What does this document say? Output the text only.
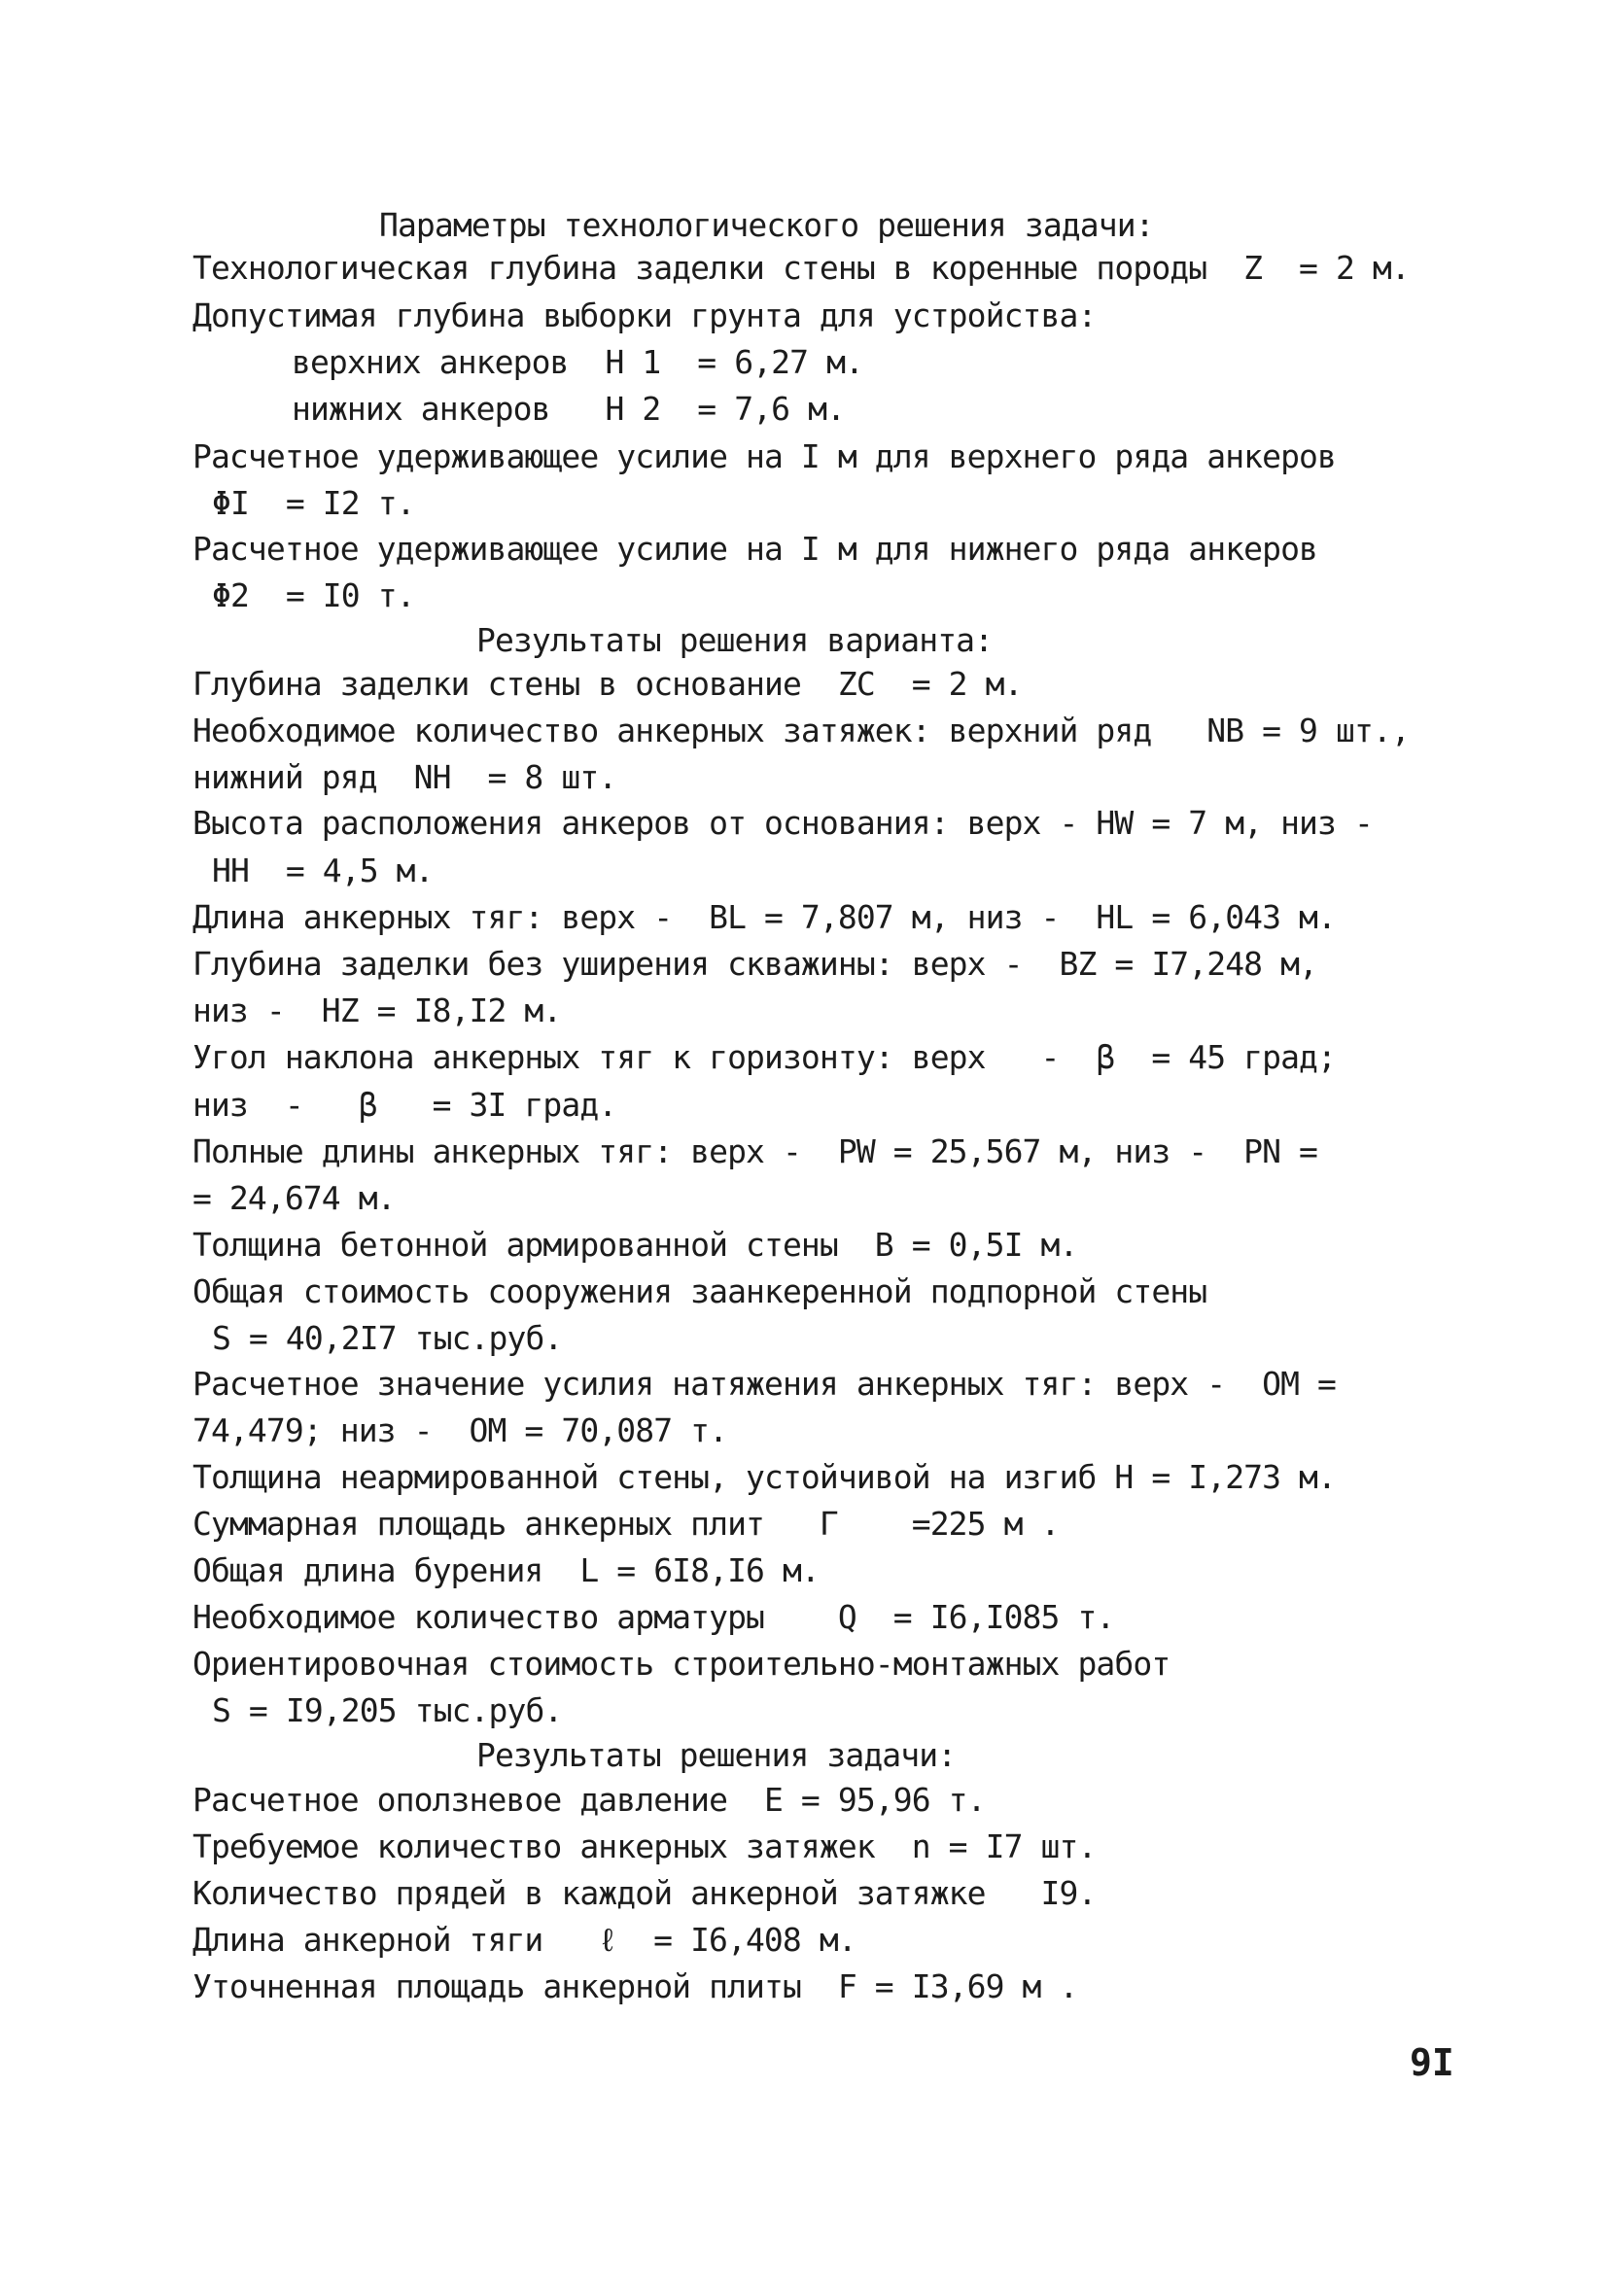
Параметры технологического решения задачи:
Технологическая глубина заделки стены в коренные породы  Z  = 2 м.
Допустимая глубина выборки грунта для устройства:
верхних анкеров  H 1  = 6,27 м.
нижних анкеров   H 2  = 7,6 м.
Расчетное удерживающее усилие на I м для верхнего ряда анкеров
ΦI  = I2 т.
Расчетное удерживающее усилие на I м для нижнего ряда анкеров
Φ2  = I0 т.
Результаты решения варианта:
Глубина заделки стены в основание  ZC  = 2 м.
Необходимое количество анкерных затяжек: верхний ряд   NB = 9 шт.,
нижний ряд  NH  = 8 шт.
Высота расположения анкеров от основания: верх - HW = 7 м, низ -
HH  = 4,5 м.
Длина анкерных тяг: верх -  BL = 7,807 м, низ -  HL = 6,043 м.
Глубина заделки без уширения скважины: верх -  BZ = I7,248 м,
низ -  HZ = I8,I2 м.
Угол наклона анкерных тяг к горизонту: верх   -  β  = 45 град;
низ  -   β   = 3I град.
Полные длины анкерных тяг: верх -  PW = 25,567 м, низ -  PN =
= 24,674 м.
Толщина бетонной армированной стены  B = 0,5I м.
Общая стоимость сооружения заанкеренной подпорной стены
S = 40,2I7 тыс.руб.
Расчетное значение усилия натяжения анкерных тяг: верх -  OM =
74,479; низ -  OM = 70,087 т.
Толщина неармированной стены, устойчивой на изгиб H = I,273 м.
Суммарная площадь анкерных плит   Г    =225 м .
Общая длина бурения  L = 6I8,I6 м.
Необходимое количество арматуры    Q  = I6,I085 т.
Ориентировочная стоимость строительно-монтажных работ
S = I9,205 тыс.руб.
Результаты решения задачи:
Расчетное оползневое давление  E = 95,96 т.
Требуемое количество анкерных затяжек  n = I7 шт.
Количество прядей в каждой анкерной затяжке   I9.
Длина анкерной тяги   ℓ  = I6,408 м.
Уточненная площадь анкерной плиты  F = I3,69 м .
9I
